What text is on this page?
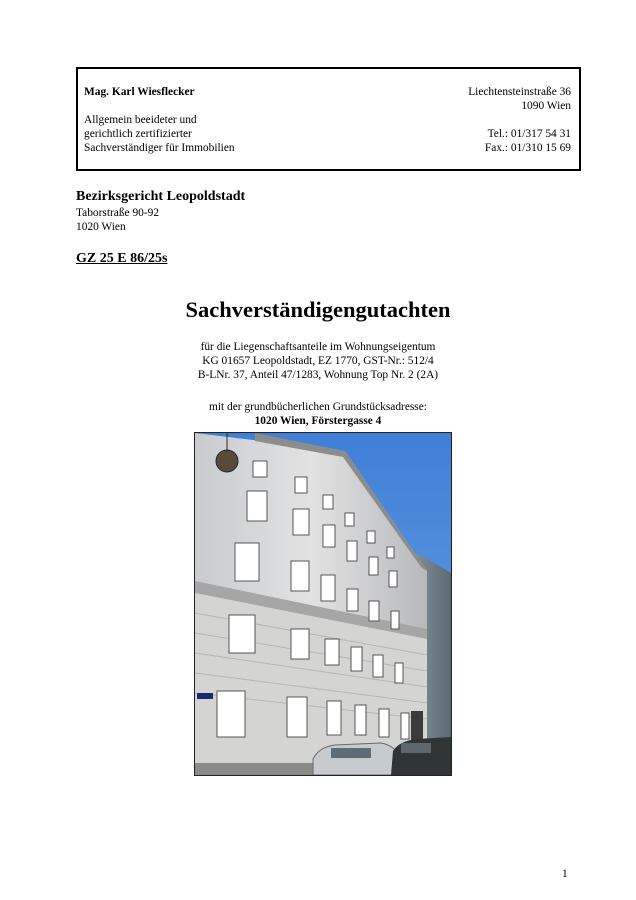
Mag. Karl Wiesflecker
Allgemein beeideter und
gerichtlich zertifizierter
Sachverständiger für Immobilien
Liechtensteinstraße 36
1090 Wien
Tel.: 01/317 54 31
Fax.: 01/310 15 69
Bezirksgericht Leopoldstadt
Taborstraße 90-92
1020 Wien
GZ 25 E 86/25s
Sachverständigengutachten
für die Liegenschaftsanteile im Wohnungseigentum
KG 01657 Leopoldstadt, EZ 1770, GST-Nr.: 512/4
B-LNr. 37, Anteil 47/1283, Wohnung Top Nr. 2 (2A)
mit der grundbücherlichen Grundstücksadresse:
1020 Wien, Förstergasse 4
1
